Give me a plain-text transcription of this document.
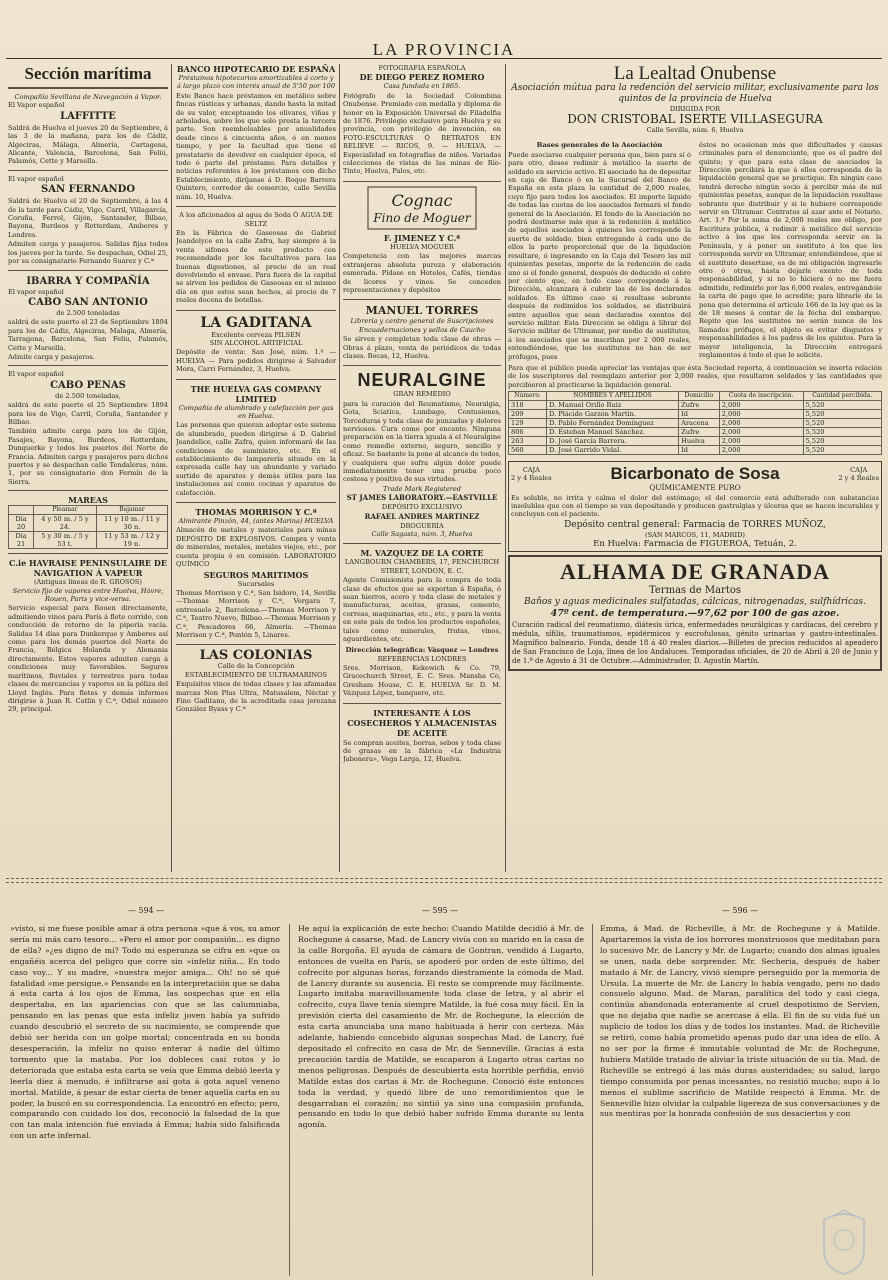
LA PROVINCIA
Sección marítima
Compañía Sevillana de Navegación á Vapor.
El Vapor español
LAFFITTE

Saldrá de Huelva el jueves 20 de Septiembre, á las 3 de la mañana, para los de Cádiz, Algeciras, Málaga, Almería, Cartagena, Alicante, Valencia, Barcelona, San Feliú, Palamós, Cette y Marsella.

El vapor español
SAN FERNANDO

Saldrá de Huelva el 20 de Septiembre, á las 4 de la tarde para Cádiz, Vigo, Carril, Villagarcía, Coruña, Ferrol, Gijón, Santander, Bilbao, Bayona, Burdeos y Rotterdam, Amberes y Londres.

Admiten carga y pasajeros. Salidas fijas todos los jueves por la tarde. Se despachan, Odiel 25, por su consignatario Fernando Suarez y C.ª

IBARRA Y COMPAÑÍA
El vapor español
CABO SAN ANTONIO
de 2.500 toneladas

saldrá de este puerto el 23 de Septiembre 1894 para los de Cádiz, Algeciras, Malaga, Almería, Tarragona, Barcelona, San Feliu, Palamós, Cette y Marsella.

Admite carga y pasajeros.

El vapor español
CABO PENAS
de 2.500 toneladas,

saldrá de este puerto el 25 Septiembre 1894 para los de Vigo, Carril, Coruña, Santander y Bilbao.

También admite carga para los de Gijón, Pasajes, Bayona, Burdeos, Rotterdam, Dunquerke y todos los puertos del Norte de Francia. Admiten carga y pasajeros para dichos puertos y se despachan calle Tendaleras, núm. 1, por su consignatario don Fermín de la Sierra.

MAREAS
	Pleamar	Bajamar
Día 20	4 y 50 m. / 5 y 24.	11 y 10 m. / 11 y 30 n.
Día 21	5 y 30 m. / 5 y 53 t.	11 y 53 m. / 12 y 19 n.
C.ie HAVRAISE PENINSULAIRE DE NAVIGATION Á VAPEUR
(Antiguas lineas de R. GROSOS)
Servicio fijo de vapores entre Huelva, Hávre, Rouen, Paris y vice-versa.

Servicio especial para Rouen directamente, admitiendo vinos para París á flete corrido, con conducción de retorno de la pipería vacía. Salidas 14 días para Dunkerque y Amberes así como para los demás puertos del Norte de Francia, Bélgica Holanda y Alemania directamente. Estos vapores admiten carga á condiciones muy favorables. Seguros marítimos, fluviales y terrestres para todas clases de mercancías y vapores en la póliza del Lloyd Inglés. Para fletes y demás informes dirigirse á Juan R. Catlin y C.ª, Odiel número 29, principal.

BANCO HIPOTECARIO DE ESPAÑA
Préstamos hipotecarios amortizables á corto y á largo plazo con interés anual de 5'50 por 100

Este Banco hace préstamos en metálico sobre fincas rústicas y urbanas, dando hasta la mitad de su valor, exceptuando los olivares, viñas y arbolados, sobre los que solo presta la tercera parte. Son reembolsables por anualidades desde cinco á cincuenta años, ó en menos tiempo, y por la facultad que tiene el prestatario de devolver en cualquier época, el todo ó parte del préstamo. Para detalles y noticias referentes á los préstamos con dicho Establecimiento, diríjanse á D. Roque Barrera Quintero, corredor de comercio, calle Sevilla núm. 10, Huelva.

A los aficionados al agua de Soda Ó AGUA DE SELTZ

En la Fábrica de Gaseosas de Gabriel Jeandelyce en la calle Zafra, hay siempre á la venta sifones de este producto con recomendado por los facultativos para las buenas digestiones, al precio de un real devolviendo el envase. Para fuera de la capital se sirven los pedidos de Gaseosas en el mismo día en que estos sean hechos, al precio de 7 reales docena de botellas.

LA GADITANA
Excelente cerveza PILSEN
SIN ALCOHOL ARTIFICIAL

Depósito de venta: San José, núm. 1.º — HUELVA — Para pedidos dirigirse á Salvador Mora, Carri Fernández, 3, Huelva.

THE HUELVA GAS COMPANY LIMITED
Compañía de alumbrado y calefacción por gas en Huelva.

Las personas que quieran adoptar este sistema de alumbrado, pueden dirigirse á D. Gabriel Jeandelice, calle Zafra, quien informará de las condiciones de suministro, etc. En el establecimiento de lamparería situado en la expresada calle hay un abundante y variado surtido de aparatos y demás útiles para las instalaciones así como cocinas y aparatos de calefacción.

THOMAS MORRISON Y C.ª
Almirante Pinzón, 44, (antes Marina) HUELVA

Almacén de metales y materiales para minas DEPÓSITO DE EXPLOSIVOS. Compra y venta de minerales, metales, metales viejos, etc., por cuenta propia ó en comisión. LABORATORIO QUÍMICO

SEGUROS MARITIMOS
Sucursales

Thomas Morrison y C.ª, San Isidoro, 14, Sevilla—Thomas Morrison y C.ª, Vergara 7, entresuelo 2, Barcelona.—Thomas Morrison y C.ª, Teatro Nuevo, Bilbao.—Thomas Morrison y C.ª, Pescadores 66, Almería. —Thomas Morrison y C.ª, Pontón 5, Linares.

LAS COLONIAS
Calle de la Concepción
ESTABLECIMIENTO DE ULTRAMARINOS

Exquisitos vinos de todas clases y las afamadas marcas Non Plus Ultra, Matusalem, Néctar y Fino Gaditano, de la acreditada casa jerezana González Byass y C.ª

FOTOGRAFIA ESPAÑOLA
DE DIEGO PEREZ ROMERO
Casa fundada en 1865.

Fotógrafo de la Sociedad Colombina Onubense. Premiado con medalla y diploma de honor en la Exposición Universal de Filadelfia de 1876. Privilegio exclusivo para Huelva y su provincia, con privilegio de invención, en FOTO-ESCULTURAS Ó RETRATOS EN RELIEVE — RICOS, 9. — HUELVA. — Especialidad en fotografías de niños. Variadas colecciones de vistas de las minas de Río-Tinto, Huelva, Palos, etc.

Cognac
Fino de Moguer
F. JIMENEZ Y C.ª
HUELVA MOGUER

Competencia con las mejores marcas extranjeras absoluta pureza y elaboración esmerada. Pídase en Hoteles, Cafés, tiendas de licores y vinos. Se conceden representaciones y depósitos

MANUEL TORRES
Librería y centro general de Suscripciones Encuadernaciones y sellos de Caucho

Se sirven y completan toda clase de obras —Obras á plazo, venta de periódicos de todas clases. Bocas, 12, Huelva.

NEURALGINE
GRAN REMEDIO

para la curación del Reumatismo, Neuralgia, Gota, Sciatica, Lumbago, Contusiones, Torceduras y toda clase de punzadas y dolores nerviosos. Cura como por encanto. Ninguna preparación en la tierra iguala á el Neuralgine como remedio externo, seguro, sencillo y eficaz. Se bastante la pone al alcance de todos, y cualquiera que sufra algún dolor puede inmediatamente tener una prueba poco costosa y positiva de sus virtudes.

Trade Mark Registered
ST JAMES LABORATORY.—EASTVILLE
DEPÓSITO EXCLUSIVO
RAFAEL ANDRES MARTINEZ
DROGUERÍA
Calle Sagasta, núm. 3, Huelva
M. VAZQUEZ DE LA CORTE
LANGBOURN CHAMBERS, 17, FENCHURCH STREET, LONDON, E. C.

Agente Comisionista para la compra de toda clase de efectos que se exportan á España, ó sean hierros, acero y toda clase de metales y manufacturas, aceites, grasas, cemento, correas, maquinarias, etc., etc., y para la venta en este país de todos los productos españoles, tales como minerales, frutas, vinos, aguardientes, etc.

Dirección telegráfica: Vásquez — Londres
REFERENCIAS LONDRES

Sres. Morrison, Kekewich & Co. 79, Gracechurch Street, E. C. Sres. Mansha Co, Gresham House, C. E. HUELVA Sr. D. M. Vázquez López, banquero, etc.

INTERESANTE Á LOS COSECHEROS Y ALMACENISTAS DE ACEITE

Se compran aceites, borras, sebos y toda clase de grasas en la fábrica «La Industria Jabonera», Vega Larga, 12, Huelva.

La Lealtad Onubense
Asociación mútua para la redención del servicio militar, exclusivamente para los quintos de la provincia de Huelva
DIRIGIDA POR
DON CRISTOBAL ISERTE VILLASEGURA
Calle Sevilla, núm. 6, Huelva
Bases generales de la Asociación

Puede asociarse cualquier persona que, bien para sí ó para otro, desee redimir á metálico la suerte de soldado en servicio activo. El asociado ha de depositar en caja de Banco ó en la Sucursal del Banco de España en esta plaza la cantidad de 2,000 reales, cuyo fijo para todos los asociados. El importe liquido de todas las cuotas de los asociados formará el fondo general de la Asociación. El fondo de la Asociación no podrá destinarse más que á la redención á metálico de aquellos asociados á quienes les corresponde la suerte de soldado, bien entregando á cada uno de ellos la parte proporcional que de la liquidación resultare, ó ingresando en la Caja del Tesoro las mil quinientas pesetas, importe de la redención de cada uno si el fondo general, después de deducido el cobro por ciento que, en todo caso corresponde á la Dirección, alcanzara á cubrir las de los declarados soldados. En último caso si resultase sobrante después de redimidos los soldados, se distribuirá entre aquellos que sean declarados exentos del servicio militar. Esta Dirección se obliga á librar del Servicio militar de Ultramar, por medio de sustitutos, á los asociados que se inscriban por 2 000 reales, entendiéndose, que los sustitutos no han de ser prófugos, pues

éstos no ocasionan más que dificultades y causas criminales para el denunciante, que es el padre del quinto; y que para esta clase de asociados la Dirección percibirá la que á ellos corresponda de la liquidación general que se practique. En ningún caso tendrá derecho ningún socio á percibir más de mil quinientas pesetas, aunque de la liquidación resultase sobrante que distribuir y si le hubiere corresponde servir en Ultramar. Contratos al azar ante el Notario. Art. 1.º Por la suma de 2,000 reales me obligo, por Escritura pública, á redimir á metálico del servicio activo á los que les corresponda servir en la Península, y á poner un sustituto á los que les corresponda servir en Ultramar, entendiéndose, que si el sustituto desertase, es de mi obligación ingresarle otro ó otros, hasta dejarle exento de toda responsabilidad, y si no lo hiciera ó no me fuera admitido, redimirlo por las 6,000 reales, entregándole la carta de pago que lo acredite; para librarle de la pena que determina el artículo 166 de la ley que es la de 18 meses á contar de la fecha del embarque. Repito que los sustitutos no serán nunca de los llamados prófugos, el objeto es evitar disgustos y responsabilidades á los padres de los quintos. Para la mayor inteligencia, la Dirección entregará reglamentos á todo el que lo solicite.

Para que el público pueda apreciar las ventajas que ésta Sociedad reporta, á continuación se inserta relación de los suscriptores del reemplazo anterior por 2,000 reales, que resultaron soldados y las cantidades que percibieron al practicarse la liquidación general.

Número.	NOMBRES Y APELLIDOS	Domicilio	Cuota de inscripción.	Cantidad percibida.
318	D. Manuel Orillo Ruiz	Zufre	2,000	5,520
209	D. Plácido Garzón Martín.	Id	2,000	5,520
129	D. Pablo Fernández Domínguez	Aracena	2,000	5,520
806	D. Esteban Manuel Sánchez.	Zufre	2,000	5,520
263	D. José García Barrera.	Huelva	2,000	5,520
560	D. José Garrido Vidal.	Id	2,000	5,520
CAJA
2 y 4 Reales	Bicarbonato de Sosa	CAJA
2 y 4 Reales
QUÍMICAMENTE PURO

Es soluble, no irrita y calma el dolor del estómago; el del comercio está adulterado con substancias insolubles que con el tiempo se van depositando y producen gastralgias y úlceras que se hacen incurables y concluyen con el paciente.

Depósito central general: Farmacia de TORRES MUÑOZ,
(SAN MARCOS, 11, MADRID)
En Huelva: Farmacia de FIGUEROA, Tetuán, 2.
ALHAMA DE GRANADA
Termas de Martos
Baños y aguas medicinales sulfatadas, cálcicas, nitrogenadas, sulfhídricas.
47º cent. de temperatura.—97,62 por 100 de gas azoe.

Curación radical del reumatismo, diátesis úrica, enfermedades neurálgicas y cardiacas, del cerebro y médula, sífilis, traumatismos, epidérmicos y escrofulosas, génito urinarias y gastro-intestinales. Magnífico balneario. Fonda, desde 18 á 40 reales diarios.—Billetes de precios reducidos al apeadero de San Francisco de Loja, línea de los Andaluces. Temporadas oficiales, de 20 de Abril á 20 de Junio y de 1.º de Agosto á 31 de Octubre.—Administrador, D. Agustín Martín.

— 594 —	— 595 —	— 596 —
»visto, si me fuese posible amar á otra persona »que á vos, su amor sería mi más caro tesoro... »Pero el amor por compasión... es digno de ella? »¿es digno de mí? Todo mi esperanza se cifra en »que os engañéis acerca del peligro que corre sin »infeliz niña... En todo caso voy... Y su madre, »nuestra mejor amiga... Oh! no sé qué fatalidad »me persigue.» Pensando en la interpretación que se daba á esta carta á los ojos de Emma, las sospechas que en ella despertaba, en las apariencias con que se las calumniaba, pensando en las penas que esta infeliz joven había ya sufrido cuando descubrió el secreto de su nacimiento, se comprende que debió ser herida con un golpe mortal; concentrada en su honda desesperación, la infeliz no quiso enterar á nadie del último tormento que la mataba. Por los dobleces casi rotos y lo deteriorada que estaba esta carta se veía que Emma debió leerla y leerla diez á menudo, é infiltrarse así gota á gota aquel veneno mortal. Matilde, á pesar de estar cierta de tener aquella carta en su poder, la buscó en su correspondencia. La encontró en efecto; pero, comparando con cuidado los dos, reconoció la falsedad de la que con tan mala intención fué enviada á Emma; había sido falsificada con un arte infernal.
He aquí la explicación de este hecho: Cuando Matilde decidió á Mr. de Rochegune á casarse, Mad. de Lancry vivía con su marido en la casa de la calle Borgoña. El ayuda de cámara de Gontran, vendido á Lugarto, entonces de vuelta en París, se apoderó por orden de este último, del cofrecito por algunas horas, forzando diestramente la cómoda de Mad. de Lancry durante su ausencia. El resto se comprende muy fácilmente. Lugarto imitaba maravillosamente toda clase de letra, y al abrir el cofrecito, cuya llave tenía siempre Matilde, la fué cosa muy fácil. En la previsión cierta del casamiento de Mr. de Rochegune, la elección de esta carta anunciaba una mano habituada á herir con certeza. Más adelante, habiendo concebido algunas sospechas Mad. de Lancry, fué depositado el cofrecito en casa de Mr. de Senneville. Gracias á esta precaución tardía de Matilde, se escaparon á Lugarto otras cartas no menos peligrosas. Después de descubierta esta horrible perfidia, envió Matilde estas dos cartas á Mr. de Rochegune. Conoció éste entonces toda la verdad, y quedó libre de uno remordimientos que le desgarraban el corazón; no sintió ya sino una compasión profunda, pensando en todo lo que debió haber sufrido Emma durante su lenta agonía.
Emma, á Mad. de Richeville, á Mr. de Rochegune y á Matilde. Apartaremos la vista de los horrores monstruosos que meditaban para lo sucesivo Mr. de Lancry y Mr. de Lugarto; cuando dos almas iguales se unen, nada debe sorprender. Mr. Secheria, después de haber matado á Mr. de Lancry, vivió siempre perseguido por la memoria de Ursula. La muerte de Mr. de Lancry lo había vengado, pero no dado consuelo alguno. Mad. de Maran, paralítica del todo y casi ciega, continúa abandonada enteramente al cruel despotismo de Servien, que no dejaba que nadie se acercase á ella. El fin de su vida fué un suplicio de todos los días y de todos los instantes. Mad. de Richeville se retiró, como había prometido apenas pudo dar una idea de ello. A no ser por la firme é inmutable voluntad de Mr. de Rochegune, hubiera Matilde tratado de aliviar la triste situación de su tía. Mad. de Richeville se entregó á las más duras austeridades; su salud, largo tiempo consumida por penas incesantes, no resistió mucho; supo á lo menos el sublime sacrificio de Matilde respectó á Emma. Mr. de Senneville hizo olvidar la culpable ligereza de sus conversaciones y de sus mentiras por la honrada confesión de sus desaciertos y con
